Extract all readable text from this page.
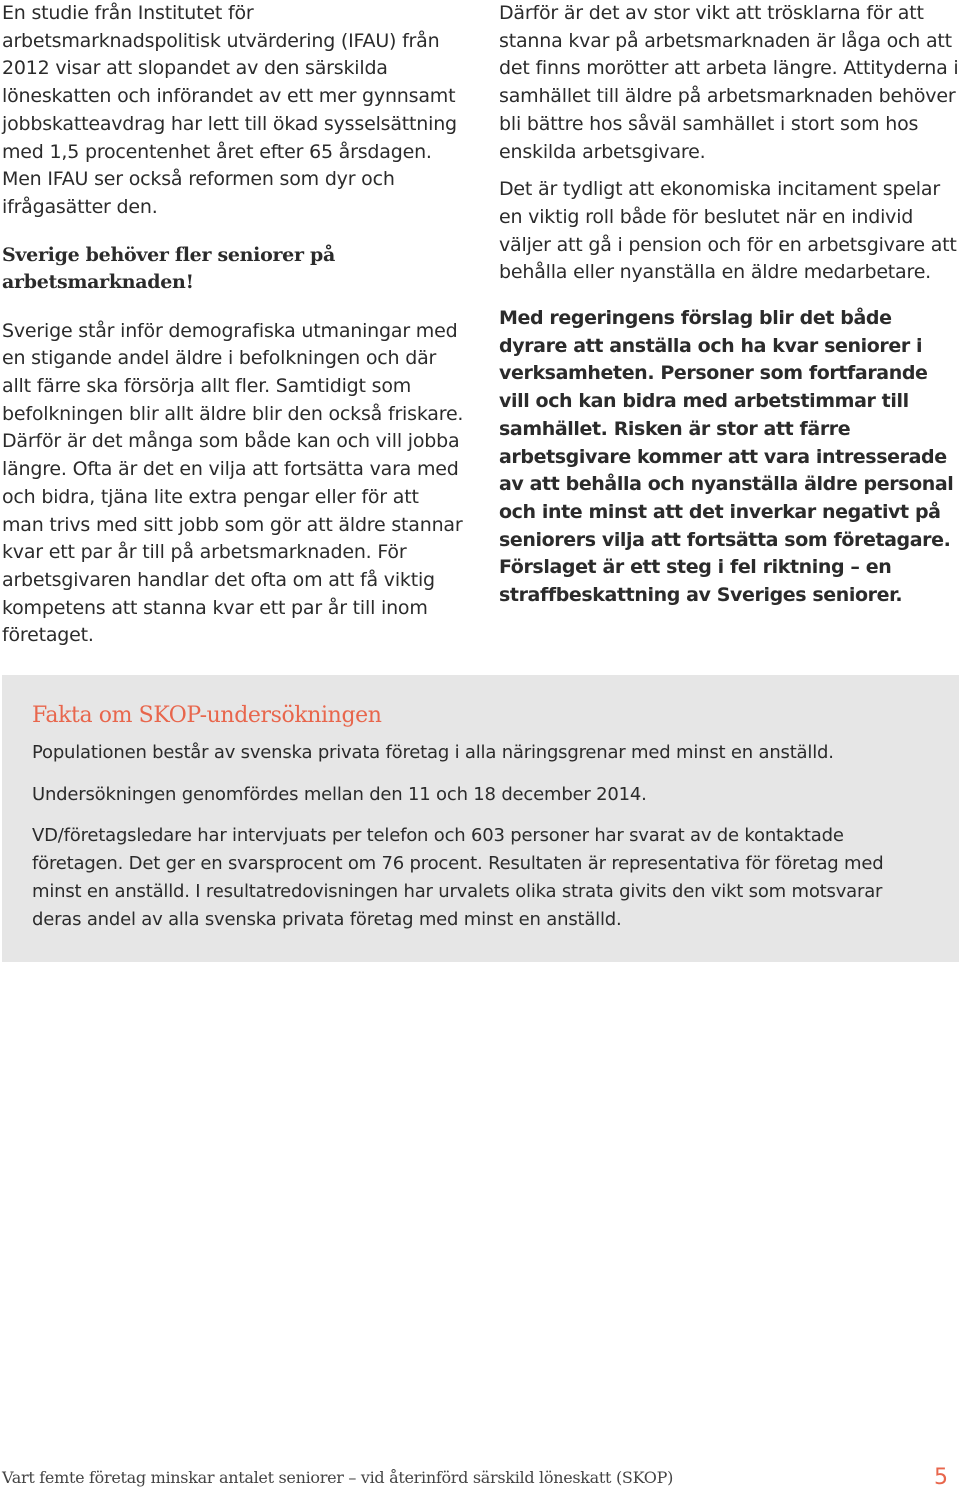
En studie från Institutet för arbetsmarknadspolitisk utvärdering (IFAU) från 2012 visar att slopandet av den särskilda löneskatten och införandet av ett mer gynnsamt jobbskatteavdrag har lett till ökad sysselsättning med 1,5 procentenhet året efter 65 årsdagen. Men IFAU ser också reformen som dyr och ifrågasätter den.

Sverige behöver fler seniorer på arbetsmarknaden!

Sverige står inför demografiska utmaningar med en stigande andel äldre i befolkningen och där allt färre ska försörja allt fler. Samtidigt som befolkningen blir allt äldre blir den också friskare. Därför är det många som både kan och vill jobba längre. Ofta är det en vilja att fortsätta vara med och bidra, tjäna lite extra pengar eller för att man trivs med sitt jobb som gör att äldre stannar kvar ett par år till på arbetsmarknaden. För arbetsgivaren handlar det ofta om att få viktig kompetens att stanna kvar ett par år till inom företaget.

Därför är det av stor vikt att trösklarna för att stanna kvar på arbetsmarknaden är låga och att det finns morötter att arbeta längre. Attityderna i samhället till äldre på arbetsmarknaden behöver bli bättre hos såväl samhället i stort som hos enskilda arbetsgivare.

Det är tydligt att ekonomiska incitament spelar en viktig roll både för beslutet när en individ väljer att gå i pension och för en arbetsgivare att behålla eller nyanställa en äldre medarbetare.

Med regeringens förslag blir det både dyrare att anställa och ha kvar seniorer i verksamheten. Personer som fortfarande vill och kan bidra med arbetstimmar till samhället. Risken är stor att färre arbetsgivare kommer att vara intresserade av att behålla och nyanställa äldre personal och inte minst att det inverkar negativt på seniorers vilja att fortsätta som företagare. Förslaget är ett steg i fel riktning – en straffbeskattning av Sveriges seniorer.

Fakta om SKOP-undersökningen

Populationen består av svenska privata företag i alla näringsgrenar med minst en anställd.

Undersökningen genomfördes mellan den 11 och 18 december 2014.

VD/företagsledare har intervjuats per telefon och 603 personer har svarat av de kontaktade företagen. Det ger en svarsprocent om 76 procent. Resultaten är representativa för företag med minst en anställd. I resultatredovisningen har urvalets olika strata givits den vikt som motsvarar deras andel av alla svenska privata företag med minst en anställd.

Vart femte företag minskar antalet seniorer – vid återinförd särskild löneskatt (SKOP)	5
